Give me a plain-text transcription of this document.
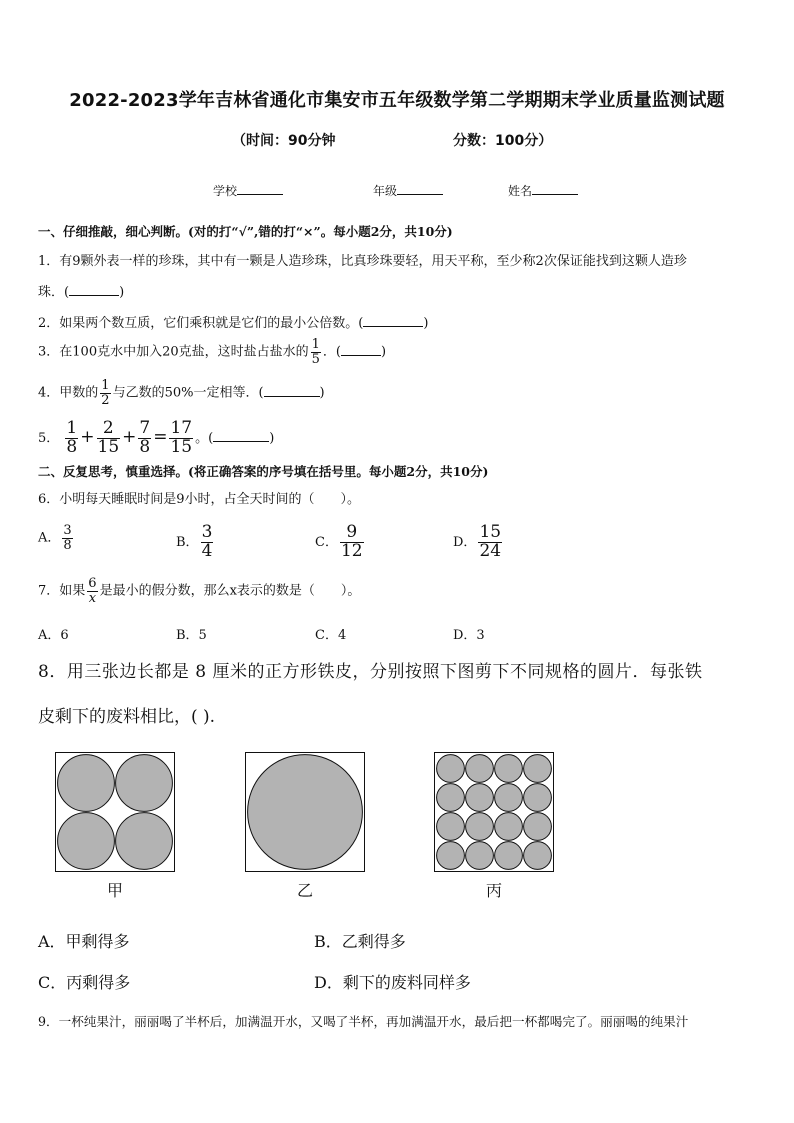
2022-2023学年吉林省通化市集安市五年级数学第二学期期末学业质量监测试题
（时间：90分钟	分数：100分）
学校	年级	姓名
一、仔细推敲，细心判断。(对的打“√”,错的打“×”。每小题2分，共10分)
1．有9颗外表一样的珍珠，其中有一颗是人造珍珠，比真珍珠要轻，用天平称，至少称2次保证能找到这颗人造珍
珠．(	)
2．如果两个数互质，它们乘积就是它们的最小公倍数。(	)
3．在100克水中加入20克盐，这时盐占盐水的 $\frac{1}{5}$ ．(	)
4．甲数的 $\frac{1}{2}$ 与乙数的50%一定相等．(	)
5． $\frac{1}{8} + \frac{2}{15} + \frac{7}{8} = \frac{17}{15}$ 。(	)
二、反复思考，慎重选择。(将正确答案的序号填在括号里。每小题2分，共10分)
6．小明每天睡眠时间是9小时，占全天时间的（　　）。
A． $\frac{3}{8}$	B． $\frac{3}{4}$	C． $\frac{9}{12}$	D． $\frac{15}{24}$
7．如果 $\frac{6}{x}$ 是最小的假分数，那么x表示的数是（　　）。
A．6	B．5	C．4	D．3
8．用三张边长都是 8 厘米的正方形铁皮，分别按照下图剪下不同规格的圆片．每张铁
皮剩下的废料相比，( ).
甲	乙	丙
A．甲剩得多	B．乙剩得多
C．丙剩得多	D．剩下的废料同样多
9．一杯纯果汁，丽丽喝了半杯后，加满温开水，又喝了半杯，再加满温开水，最后把一杯都喝完了。丽丽喝的纯果汁
